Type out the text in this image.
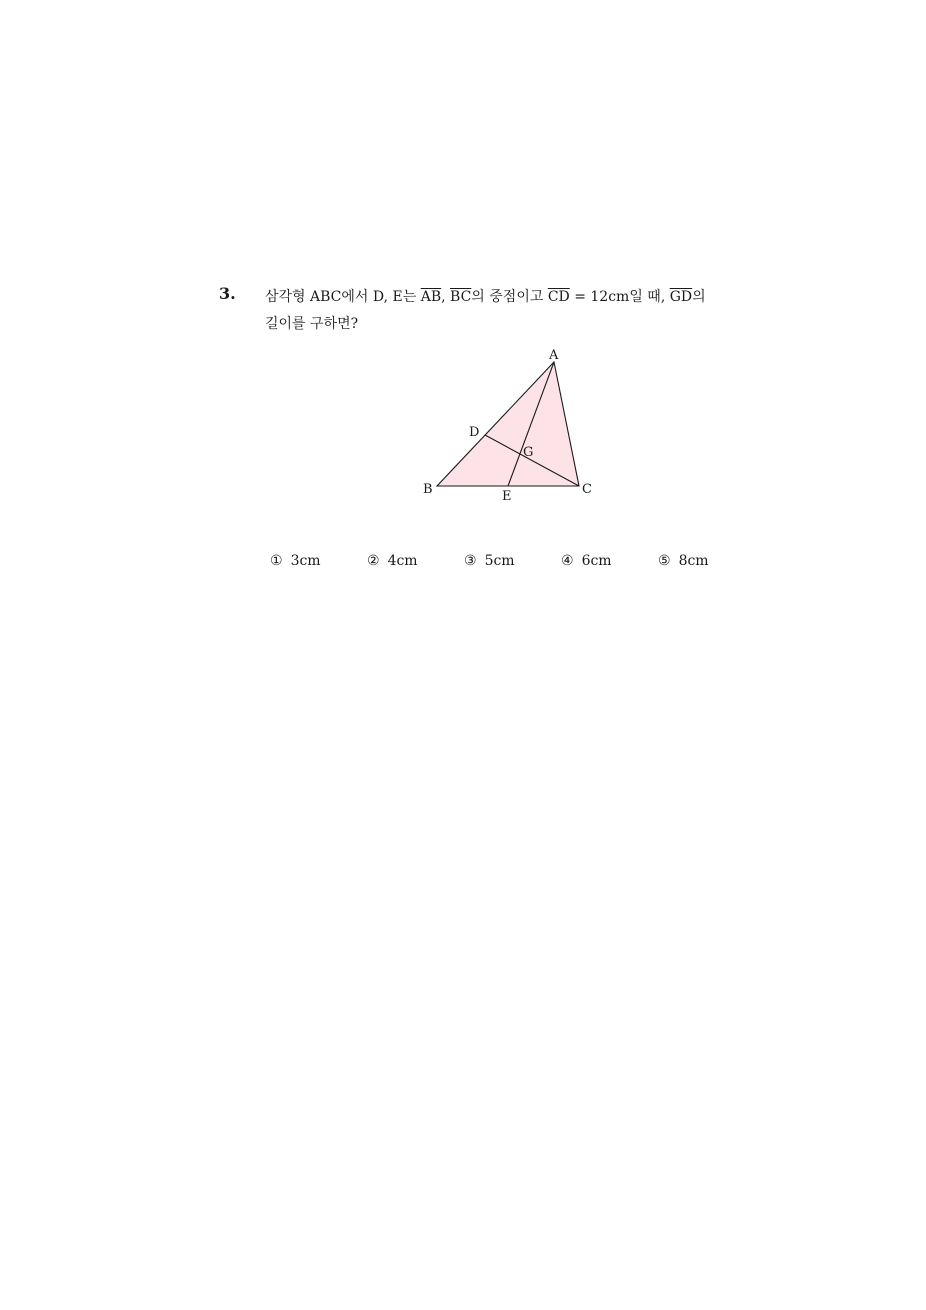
3. 삼각형 ABC에서 D, E는 $\overline{AB}$, $\overline{BC}$의 중점이고 $\overline{CD} = 12cm$일 때, $\overline{GD}$의
길이를 구하면?
A
B	C
D
E
G
① 3cm	② 4cm	③ 5cm	④ 6cm	⑤ 8cm
